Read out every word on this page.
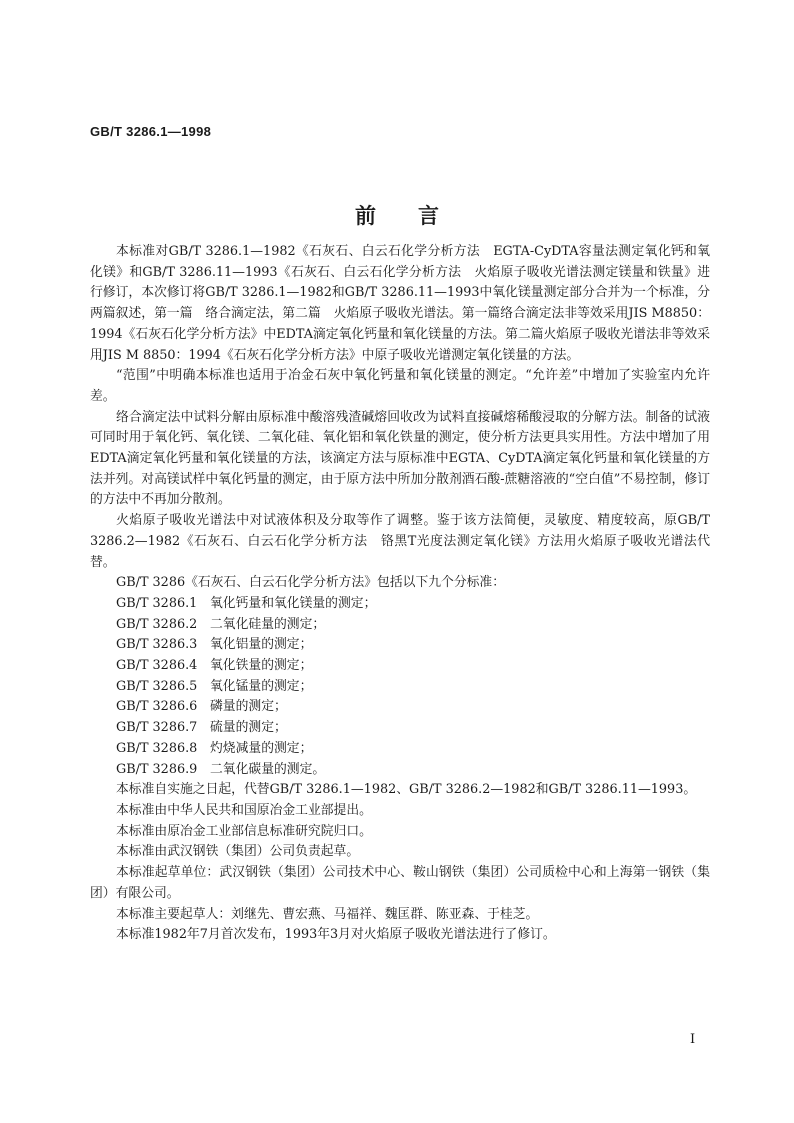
GB/T 3286.1—1998

前言

本标准对GB/T 3286.1—1982《石灰石、白云石化学分析方法　EGTA-CyDTA容量法测定氧化钙和氧化镁》和GB/T 3286.11—1993《石灰石、白云石化学分析方法　火焰原子吸收光谱法测定镁量和铁量》进行修订，本次修订将GB/T 3286.1—1982和GB/T 3286.11—1993中氧化镁量测定部分合并为一个标准，分两篇叙述，第一篇　络合滴定法，第二篇　火焰原子吸收光谱法。第一篇络合滴定法非等效采用JIS M8850：1994《石灰石化学分析方法》中EDTA滴定氧化钙量和氧化镁量的方法。第二篇火焰原子吸收光谱法非等效采用JIS M 8850：1994《石灰石化学分析方法》中原子吸收光谱测定氧化镁量的方法。

“范围”中明确本标准也适用于冶金石灰中氧化钙量和氧化镁量的测定。“允许差”中增加了实验室内允许差。

络合滴定法中试料分解由原标准中酸溶残渣碱熔回收改为试料直接碱熔稀酸浸取的分解方法。制备的试液可同时用于氧化钙、氧化镁、二氧化硅、氧化铝和氧化铁量的测定，使分析方法更具实用性。方法中增加了用EDTA滴定氧化钙量和氧化镁量的方法，该滴定方法与原标准中EGTA、CyDTA滴定氧化钙量和氧化镁量的方法并列。对高镁试样中氧化钙量的测定，由于原方法中所加分散剂酒石酸-蔗糖溶液的“空白值”不易控制，修订的方法中不再加分散剂。

火焰原子吸收光谱法中对试液体积及分取等作了调整。鉴于该方法简便，灵敏度、精度较高，原GB/T 3286.2—1982《石灰石、白云石化学分析方法　铬黑T光度法测定氧化镁》方法用火焰原子吸收光谱法代替。

GB/T 3286《石灰石、白云石化学分析方法》包括以下九个分标准：

GB/T 3286.1 氧化钙量和氧化镁量的测定；
GB/T 3286.2 二氧化硅量的测定；
GB/T 3286.3 氧化铝量的测定；
GB/T 3286.4 氧化铁量的测定；
GB/T 3286.5 氧化锰量的测定；
GB/T 3286.6 磷量的测定；
GB/T 3286.7 硫量的测定；
GB/T 3286.8 灼烧减量的测定；
GB/T 3286.9 二氧化碳量的测定。

本标准自实施之日起，代替GB/T 3286.1—1982、GB/T 3286.2—1982和GB/T 3286.11—1993。

本标准由中华人民共和国原冶金工业部提出。

本标准由原冶金工业部信息标准研究院归口。

本标准由武汉钢铁（集团）公司负责起草。

本标准起草单位：武汉钢铁（集团）公司技术中心、鞍山钢铁（集团）公司质检中心和上海第一钢铁（集团）有限公司。

本标准主要起草人：刘继先、曹宏燕、马福祥、魏匡群、陈亚森、于桂芝。

本标准1982年7月首次发布，1993年3月对火焰原子吸收光谱法进行了修订。

I
